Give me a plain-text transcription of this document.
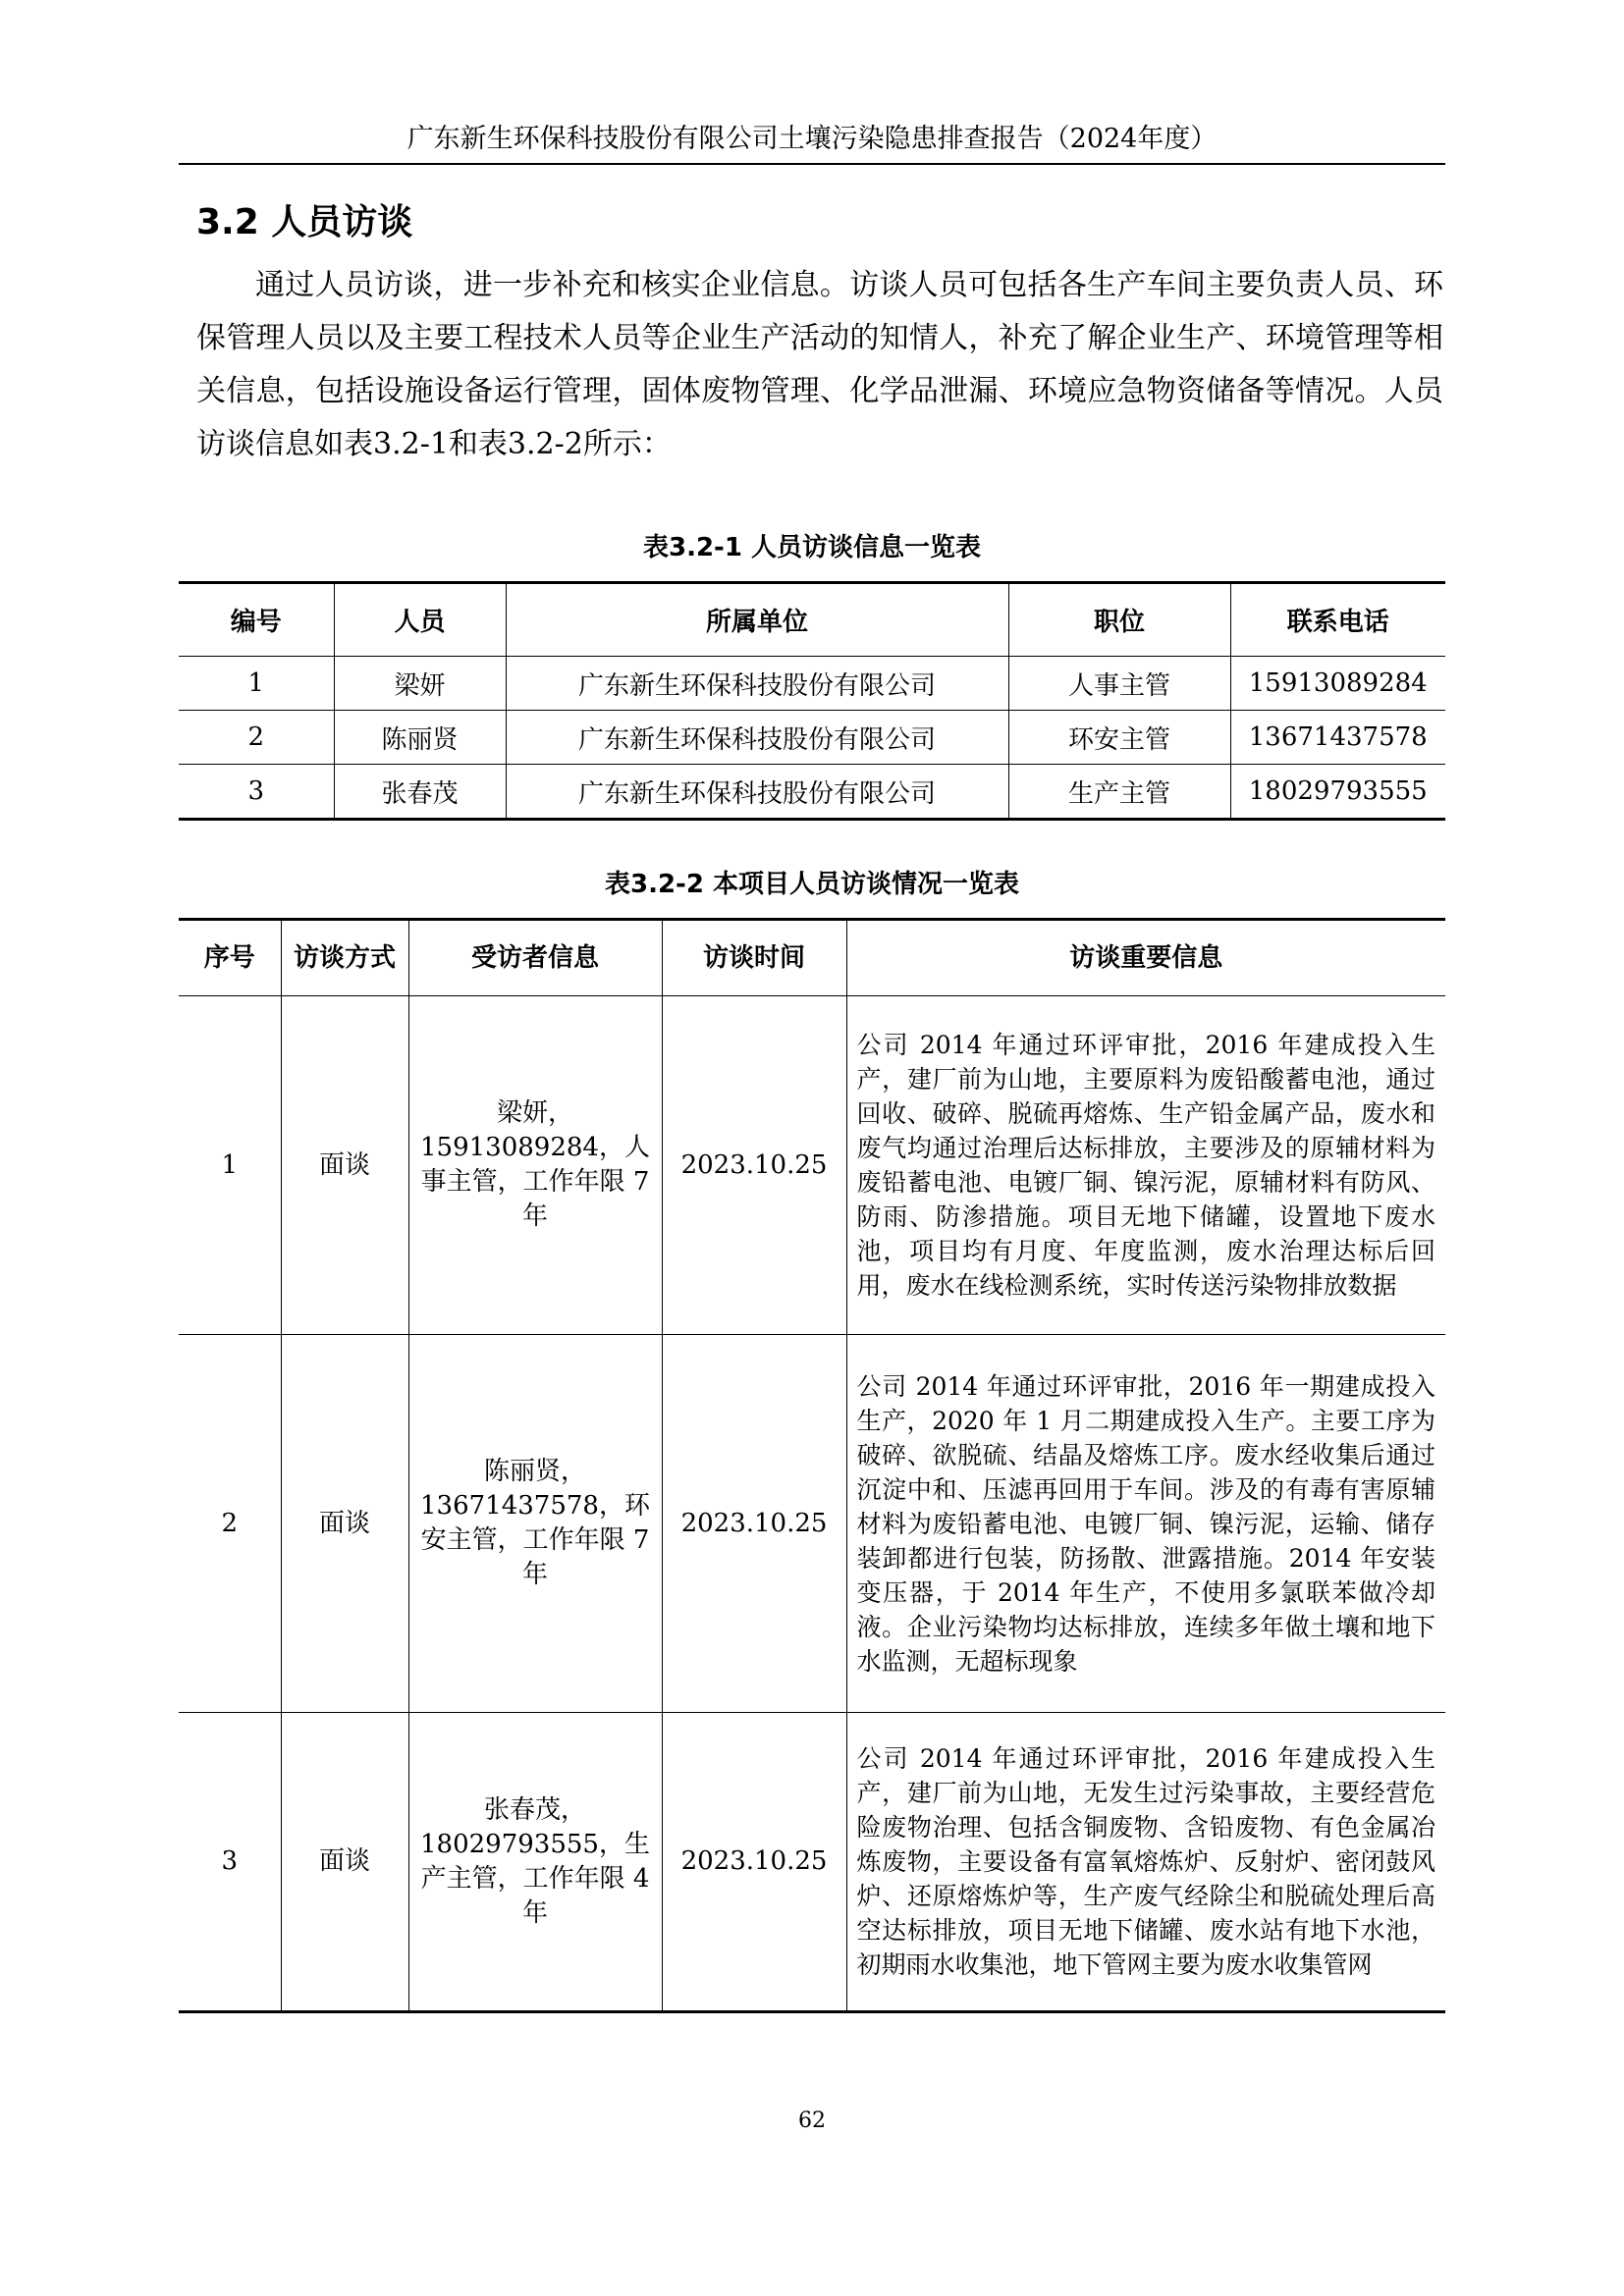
广东新生环保科技股份有限公司土壤污染隐患排查报告（2024年度）
3.2 人员访谈
通过人员访谈，进一步补充和核实企业信息。访谈人员可包括各生产车间主要负责人员、环保管理人员以及主要工程技术人员等企业生产活动的知情人，补充了解企业生产、环境管理等相关信息，包括设施设备运行管理，固体废物管理、化学品泄漏、环境应急物资储备等情况。人员访谈信息如表3.2-1和表3.2-2所示：
表3.2-1 人员访谈信息一览表
编号	人员	所属单位	职位	联系电话
1	梁妍	广东新生环保科技股份有限公司	人事主管	15913089284
2	陈丽贤	广东新生环保科技股份有限公司	环安主管	13671437578
3	张春茂	广东新生环保科技股份有限公司	生产主管	18029793555
表3.2-2 本项目人员访谈情况一览表
序号	访谈方式	受访者信息	访谈时间	访谈重要信息
1	面谈	梁妍，15913089284，人事主管，工作年限 7 年	2023.10.25	公司 2014 年通过环评审批，2016 年建成投入生产，建厂前为山地，主要原料为废铅酸蓄电池，通过回收、破碎、脱硫再熔炼、生产铅金属产品，废水和废气均通过治理后达标排放，主要涉及的原辅材料为废铅蓄电池、电镀厂铜、镍污泥，原辅材料有防风、防雨、防渗措施。项目无地下储罐，设置地下废水池，项目均有月度、年度监测，废水治理达标后回用，废水在线检测系统，实时传送污染物排放数据
2	面谈	陈丽贤，13671437578，环安主管，工作年限 7 年	2023.10.25	公司 2014 年通过环评审批，2016 年一期建成投入生产，2020 年 1 月二期建成投入生产。主要工序为破碎、欲脱硫、结晶及熔炼工序。废水经收集后通过沉淀中和、压滤再回用于车间。涉及的有毒有害原辅材料为废铅蓄电池、电镀厂铜、镍污泥，运输、储存装卸都进行包装，防扬散、泄露措施。2014 年安装变压器，于 2014 年生产，不使用多氯联苯做冷却液。企业污染物均达标排放，连续多年做土壤和地下水监测，无超标现象
3	面谈	张春茂，18029793555，生产主管，工作年限 4 年	2023.10.25	公司 2014 年通过环评审批，2016 年建成投入生产，建厂前为山地，无发生过污染事故，主要经营危险废物治理、包括含铜废物、含铅废物、有色金属冶炼废物，主要设备有富氧熔炼炉、反射炉、密闭鼓风炉、还原熔炼炉等，生产废气经除尘和脱硫处理后高空达标排放，项目无地下储罐、废水站有地下水池，初期雨水收集池，地下管网主要为废水收集管网
62
